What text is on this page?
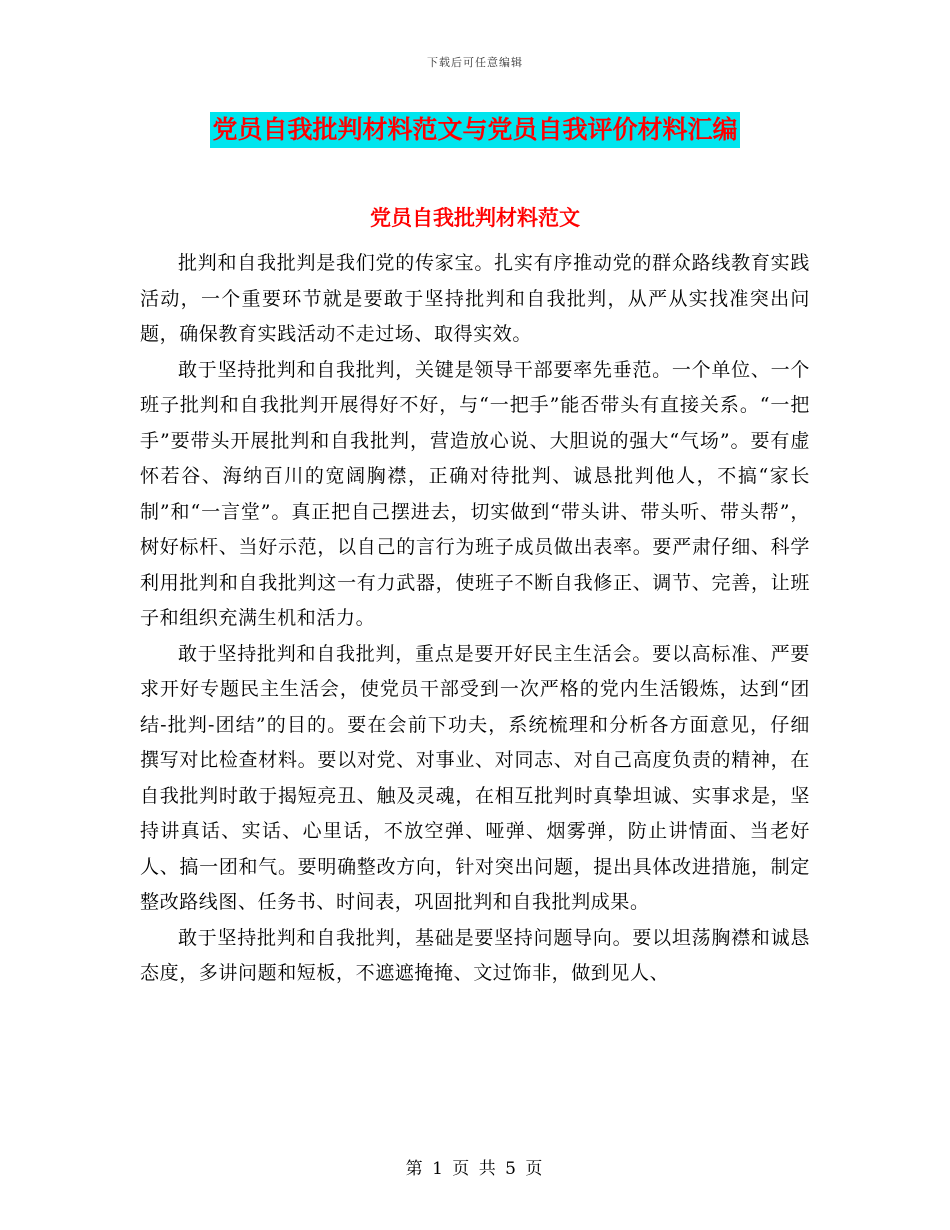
下载后可任意编辑
党员自我批判材料范文与党员自我评价材料汇编
党员自我批判材料范文

批判和自我批判是我们党的传家宝。扎实有序推动党的群众路线教育实践活动，一个重要环节就是要敢于坚持批判和自我批判，从严从实找准突出问题，确保教育实践活动不走过场、取得实效。

敢于坚持批判和自我批判，关键是领导干部要率先垂范。一个单位、一个班子批判和自我批判开展得好不好，与“一把手”能否带头有直接关系。“一把手”要带头开展批判和自我批判，营造放心说、大胆说的强大“气场”。要有虚怀若谷、海纳百川的宽阔胸襟，正确对待批判、诚恳批判他人，不搞“家长制”和“一言堂”。真正把自己摆进去，切实做到“带头讲、带头听、带头帮”，树好标杆、当好示范，以自己的言行为班子成员做出表率。要严肃仔细、科学利用批判和自我批判这一有力武器，使班子不断自我修正、调节、完善，让班子和组织充满生机和活力。

敢于坚持批判和自我批判，重点是要开好民主生活会。要以高标准、严要求开好专题民主生活会，使党员干部受到一次严格的党内生活锻炼，达到“团结-批判-团结”的目的。要在会前下功夫，系统梳理和分析各方面意见，仔细撰写对比检查材料。要以对党、对事业、对同志、对自己高度负责的精神，在自我批判时敢于揭短亮丑、触及灵魂，在相互批判时真挚坦诚、实事求是，坚持讲真话、实话、心里话，不放空弹、哑弹、烟雾弹，防止讲情面、当老好人、搞一团和气。要明确整改方向，针对突出问题，提出具体改进措施，制定整改路线图、任务书、时间表，巩固批判和自我批判成果。

敢于坚持批判和自我批判，基础是要坚持问题导向。要以坦荡胸襟和诚恳态度，多讲问题和短板，不遮遮掩掩、文过饰非，做到见人、

第 1 页 共 5 页
